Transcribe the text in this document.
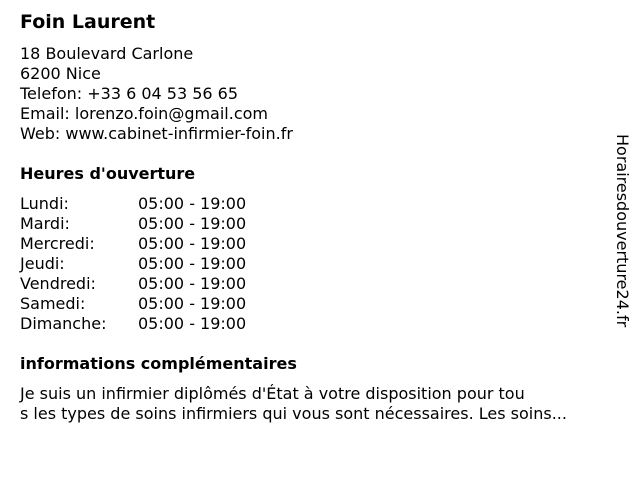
Foin Laurent
18 Boulevard Carlone
6200 Nice
Telefon: +33 6 04 53 56 65
Email: lorenzo.foin@gmail.com
Web: www.cabinet-infirmier-foin.fr
Heures d'ouverture
Lundi:	05:00 - 19:00
Mardi:	05:00 - 19:00
Mercredi:	05:00 - 19:00
Jeudi:	05:00 - 19:00
Vendredi:	05:00 - 19:00
Samedi:	05:00 - 19:00
Dimanche: 05:00 - 19:00
informations complémentaires
Je suis un infirmier diplômés d'État à votre disposition pour tou
s les types de soins infirmiers qui vous sont nécessaires. Les soins...
Horairesdouverture24.fr
